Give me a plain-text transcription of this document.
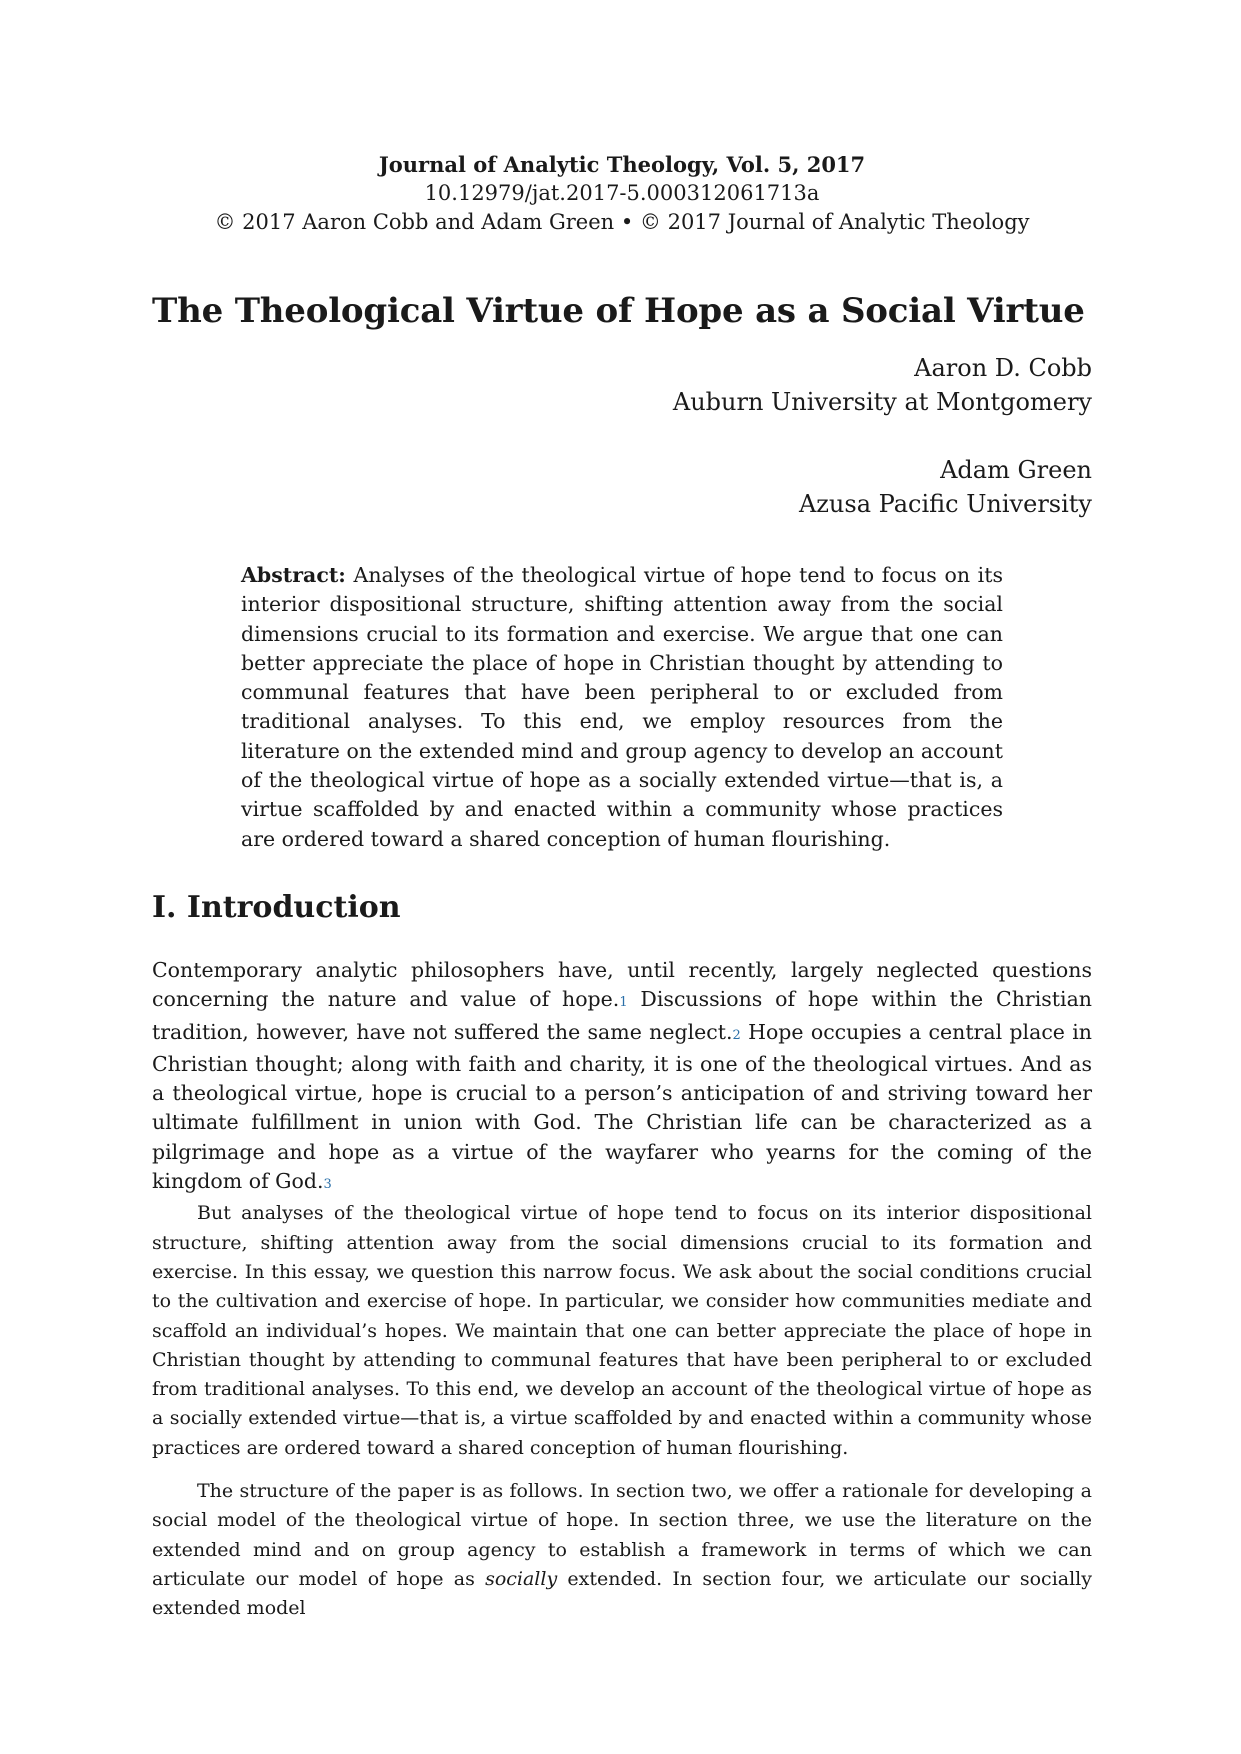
Journal of Analytic Theology, Vol. 5, 2017
10.12979/jat.2017-5.000312061713a
© 2017 Aaron Cobb and Adam Green • © 2017 Journal of Analytic Theology
The Theological Virtue of Hope as a Social Virtue
Aaron D. Cobb
Auburn University at Montgomery
Adam Green
Azusa Pacific University
Abstract: Analyses of the theological virtue of hope tend to focus on its interior dispositional structure, shifting attention away from the social dimensions crucial to its formation and exercise. We argue that one can better appreciate the place of hope in Christian thought by attending to communal features that have been peripheral to or excluded from traditional analyses. To this end, we employ resources from the literature on the extended mind and group agency to develop an account of the theological virtue of hope as a socially extended virtue—that is, a virtue scaffolded by and enacted within a community whose practices are ordered toward a shared conception of human flourishing.
I. Introduction

Contemporary analytic philosophers have, until recently, largely neglected questions concerning the nature and value of hope.1 Discussions of hope within the Christian tradition, however, have not suffered the same neglect.2 Hope occupies a central place in Christian thought; along with faith and charity, it is one of the theological virtues. And as a theological virtue, hope is crucial to a person’s anticipation of and striving toward her ultimate fulfillment in union with God. The Christian life can be characterized as a pilgrimage and hope as a virtue of the wayfarer who yearns for the coming of the kingdom of God.3

But analyses of the theological virtue of hope tend to focus on its interior dispositional structure, shifting attention away from the social dimensions crucial to its formation and exercise. In this essay, we question this narrow focus. We ask about the social conditions crucial to the cultivation and exercise of hope. In particular, we consider how communities mediate and scaffold an individual’s hopes. We maintain that one can better appreciate the place of hope in Christian thought by attending to communal features that have been peripheral to or excluded from traditional analyses. To this end, we develop an account of the theological virtue of hope as a socially extended virtue—that is, a virtue scaffolded by and enacted within a community whose practices are ordered toward a shared conception of human flourishing.

The structure of the paper is as follows. In section two, we offer a rationale for developing a social model of the theological virtue of hope. In section three, we use the literature on the extended mind and on group agency to establish a framework in terms of which we can articulate our model of hope as socially extended. In section four, we articulate our socially extended model
